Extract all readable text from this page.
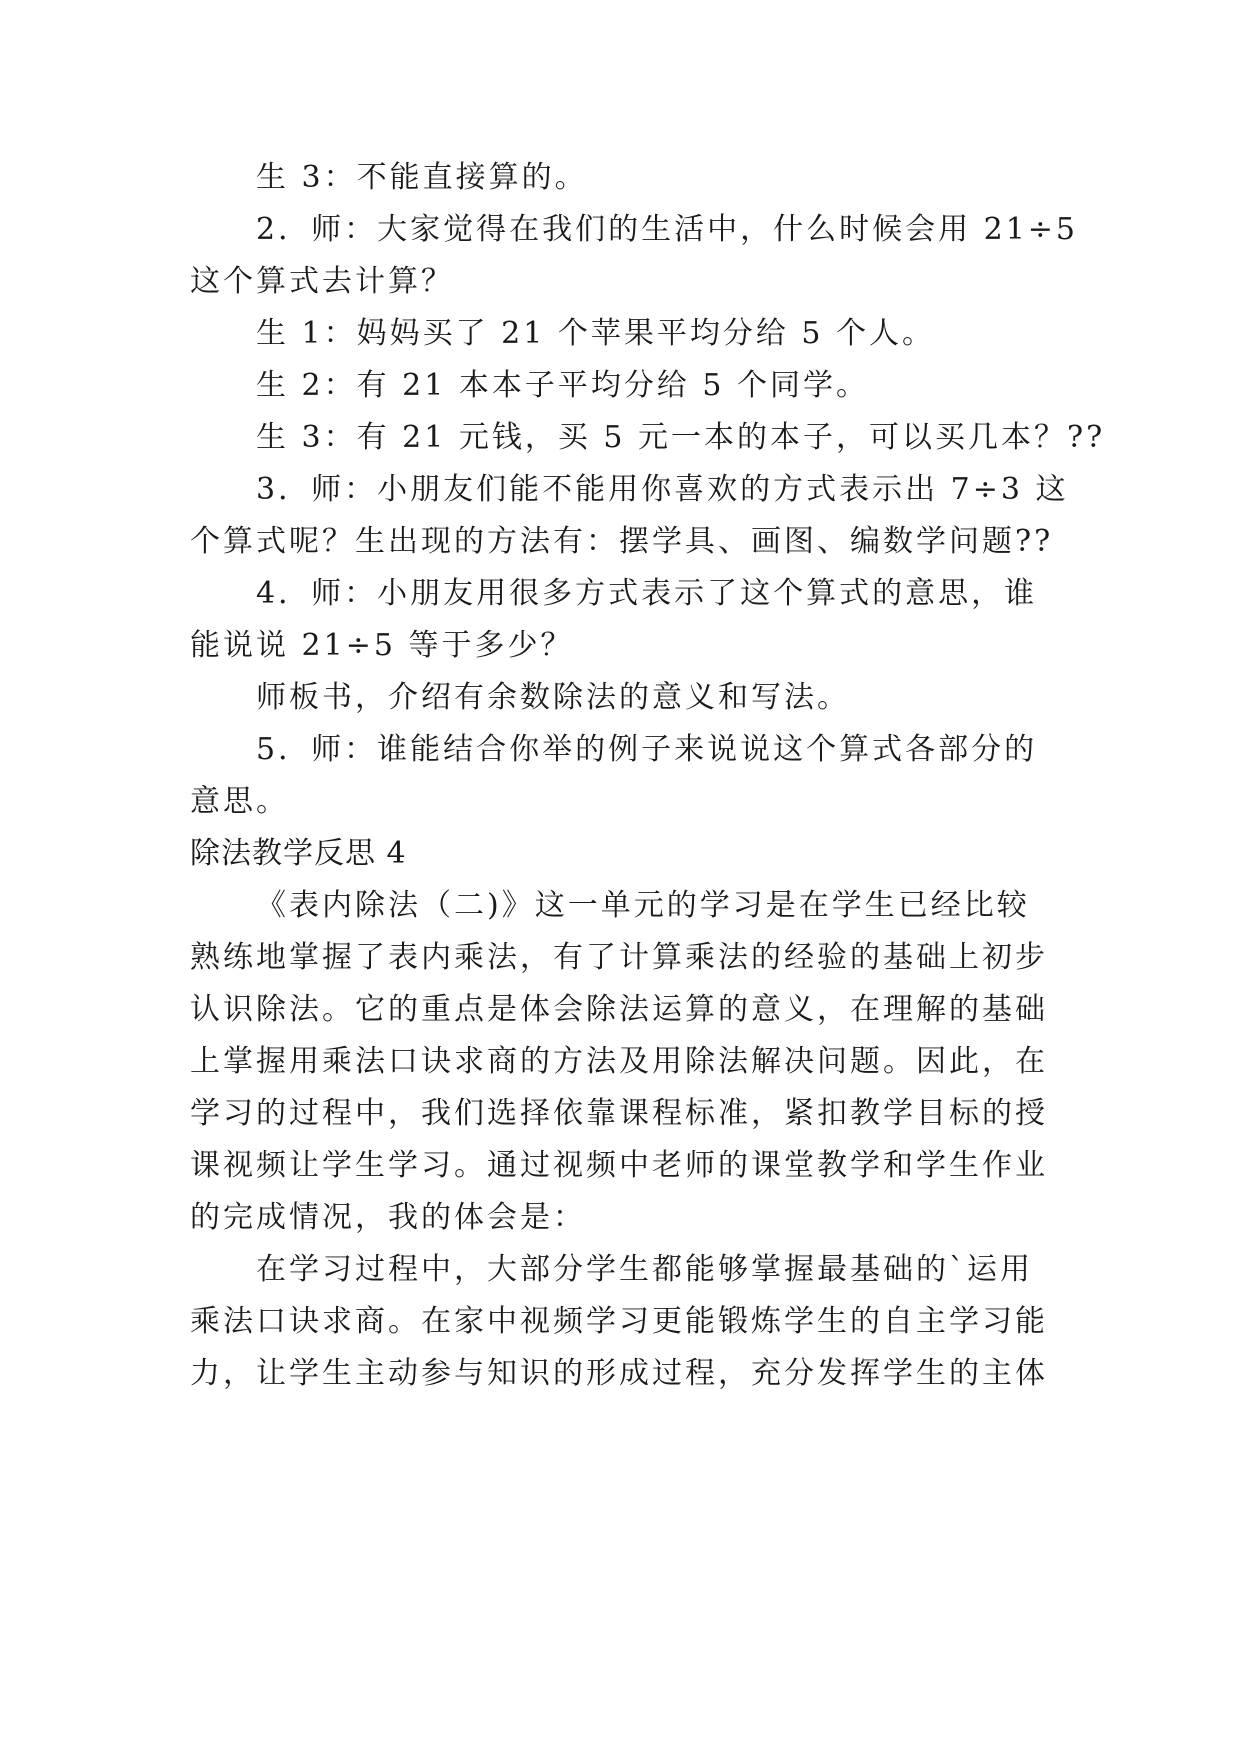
生 3：不能直接算的。
2．师：大家觉得在我们的生活中，什么时候会用 21÷5
这个算式去计算？
生 1：妈妈买了 21 个苹果平均分给 5 个人。
生 2：有 21 本本子平均分给 5 个同学。
生 3：有 21 元钱，买 5 元一本的本子，可以买几本？??
3．师：小朋友们能不能用你喜欢的方式表示出 7÷3 这
个算式呢？生出现的方法有：摆学具、画图、编数学问题??
4．师：小朋友用很多方式表示了这个算式的意思，谁
能说说 21÷5 等于多少？
师板书，介绍有余数除法的意义和写法。
5．师：谁能结合你举的例子来说说这个算式各部分的
意思。
除法教学反思 4
《表内除法（二)》这一单元的学习是在学生已经比较
熟练地掌握了表内乘法，有了计算乘法的经验的基础上初步
认识除法。它的重点是体会除法运算的意义，在理解的基础
上掌握用乘法口诀求商的方法及用除法解决问题。因此，在
学习的过程中，我们选择依靠课程标准，紧扣教学目标的授
课视频让学生学习。通过视频中老师的课堂教学和学生作业
的完成情况，我的体会是：
在学习过程中，大部分学生都能够掌握最基础的`运用
乘法口诀求商。在家中视频学习更能锻炼学生的自主学习能
力，让学生主动参与知识的形成过程，充分发挥学生的主体
